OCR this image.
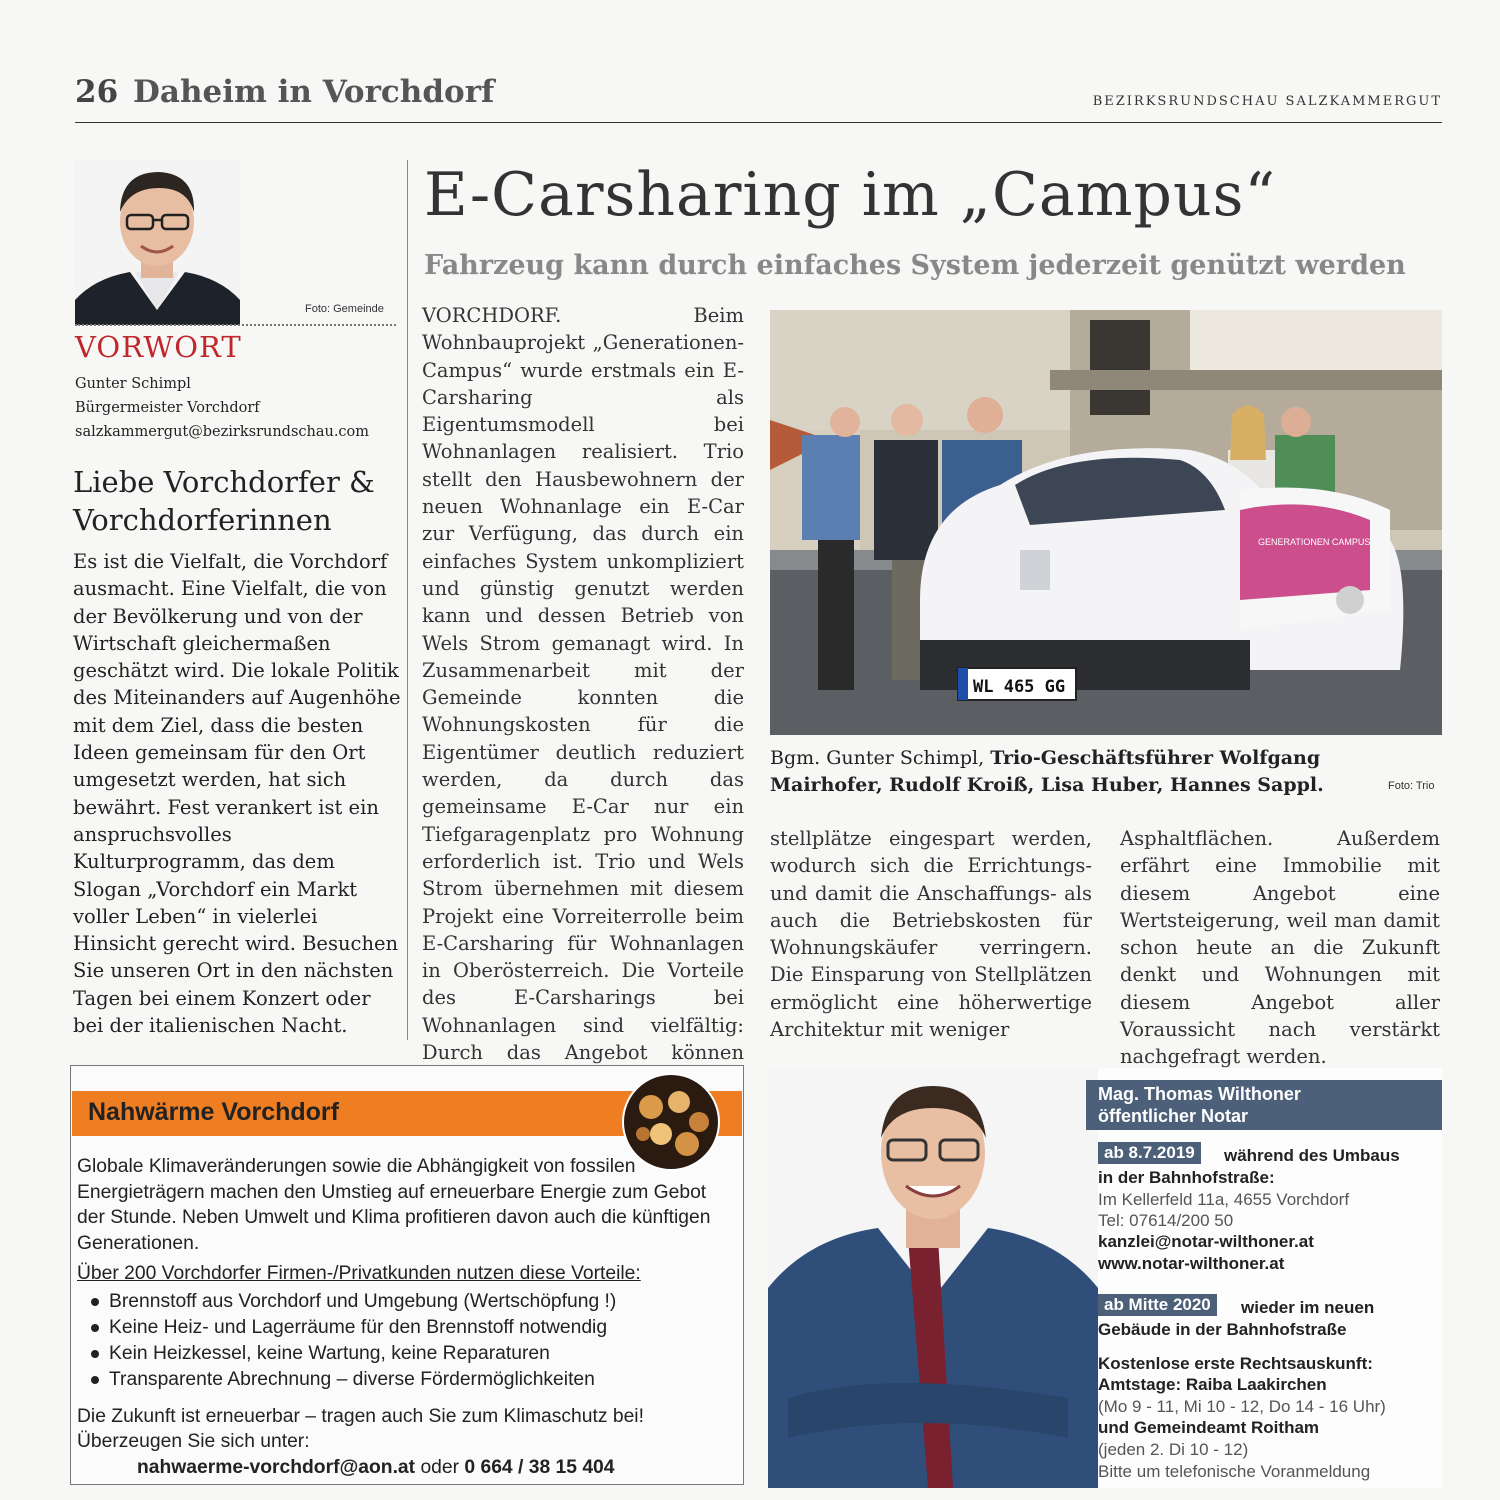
26 Daheim in Vorchdorf	BEZIRKSRUNDSCHAU SALZKAMMERGUT
Foto: Gemeinde
VORWORT
Gunter Schimpl
Bürgermeister Vorchdorf
salzkammergut@bezirksrundschau.com
Liebe Vorchdorfer &
Vorchdorferinnen
Es ist die Vielfalt, die Vorchdorf ausmacht. Eine Vielfalt, die von der Bevölkerung und von der Wirtschaft gleichermaßen geschätzt wird. Die lokale Politik des Miteinanders auf Augenhöhe mit dem Ziel, dass die besten Ideen gemeinsam für den Ort umgesetzt werden, hat sich bewährt. Fest verankert ist ein anspruchsvolles Kulturprogramm, das dem Slogan „Vorchdorf ein Markt voller Leben“ in vielerlei Hinsicht gerecht wird. Besuchen Sie unseren Ort in den nächsten Tagen bei einem Konzert oder bei der italienischen Nacht.
E-Carsharing im „Campus“
Fahrzeug kann durch einfaches System jederzeit genützt werden
VORCHDORF. Beim Wohnbauprojekt „Generationen-Campus“ wurde erstmals ein E-Carsharing als Eigentumsmodell bei Wohnanlagen realisiert. Trio stellt den Hausbewohnern der neuen Wohnanlage ein E-Car zur Verfügung, das durch ein einfaches System unkompliziert und günstig genutzt werden kann und dessen Betrieb von Wels Strom gemanagt wird. In Zusammenarbeit mit der Gemeinde konnten die Wohnungskosten für die Eigentümer deutlich reduziert werden, da durch das gemeinsame E-Car nur ein Tiefgaragenplatz pro Wohnung erforderlich ist. Trio und Wels Strom übernehmen mit diesem Projekt eine Vorreiterrolle beim E-Carsharing für Wohnanlagen in Oberösterreich. Die Vorteile des E-Carsharings bei Wohnanlagen sind vielfältig: Durch das Angebot können
stellplätze eingespart werden, wodurch sich die Errichtungs- und damit die Anschaffungs- als auch die Betriebskosten für Wohnungskäufer verringern. Die Einsparung von Stellplätzen ermöglicht eine höherwertige Architektur mit weniger
Asphaltflächen. Außerdem erfährt eine Immobilie mit diesem Angebot eine Wertsteigerung, weil man damit schon heute an die Zukunft denkt und Wohnungen mit diesem Angebot aller Voraussicht nach verstärkt nachgefragt werden.
WL 465 GG
GENERATIONEN CAMPUS
Bgm. Gunter Schimpl, Trio-Geschäftsführer Wolfgang Mairhofer, Rudolf Kroiß, Lisa Huber, Hannes Sappl.	Foto: Trio
Nahwärme Vorchdorf
Globale Klimaveränderungen sowie die Abhängigkeit von fossilen Energieträgern machen den Umstieg auf erneuerbare Energie zum Gebot der Stunde. Neben Umwelt und Klima profitieren davon auch die künftigen Generationen.
Über 200 Vorchdorfer Firmen-/Privatkunden nutzen diese Vorteile:
Brennstoff aus Vorchdorf und Umgebung (Wertschöpfung !)
Keine Heiz- und Lagerräume für den Brennstoff notwendig
Kein Heizkessel, keine Wartung, keine Reparaturen
Transparente Abrechnung – diverse Fördermöglichkeiten
Die Zukunft ist erneuerbar – tragen auch Sie zum Klimaschutz bei!
Überzeugen Sie sich unter:
nahwaerme-vorchdorf@aon.at oder 0 664 / 38 15 404
Mag. Thomas Wilthoner
öffentlicher Notar
ab 8.7.2019	während des Umbaus
in der Bahnhofstraße:
Im Kellerfeld 11a, 4655 Vorchdorf
Tel: 07614/200 50
kanzlei@notar-wilthoner.at
www.notar-wilthoner.at
ab Mitte 2020	wieder im neuen
Gebäude in der Bahnhofstraße
Kostenlose erste Rechtsauskunft:
Amtstage: Raiba Laakirchen
(Mo 9 - 11, Mi 10 - 12, Do 14 - 16 Uhr)
und Gemeindeamt Roitham
(jeden 2. Di 10 - 12)
Bitte um telefonische Voranmeldung
